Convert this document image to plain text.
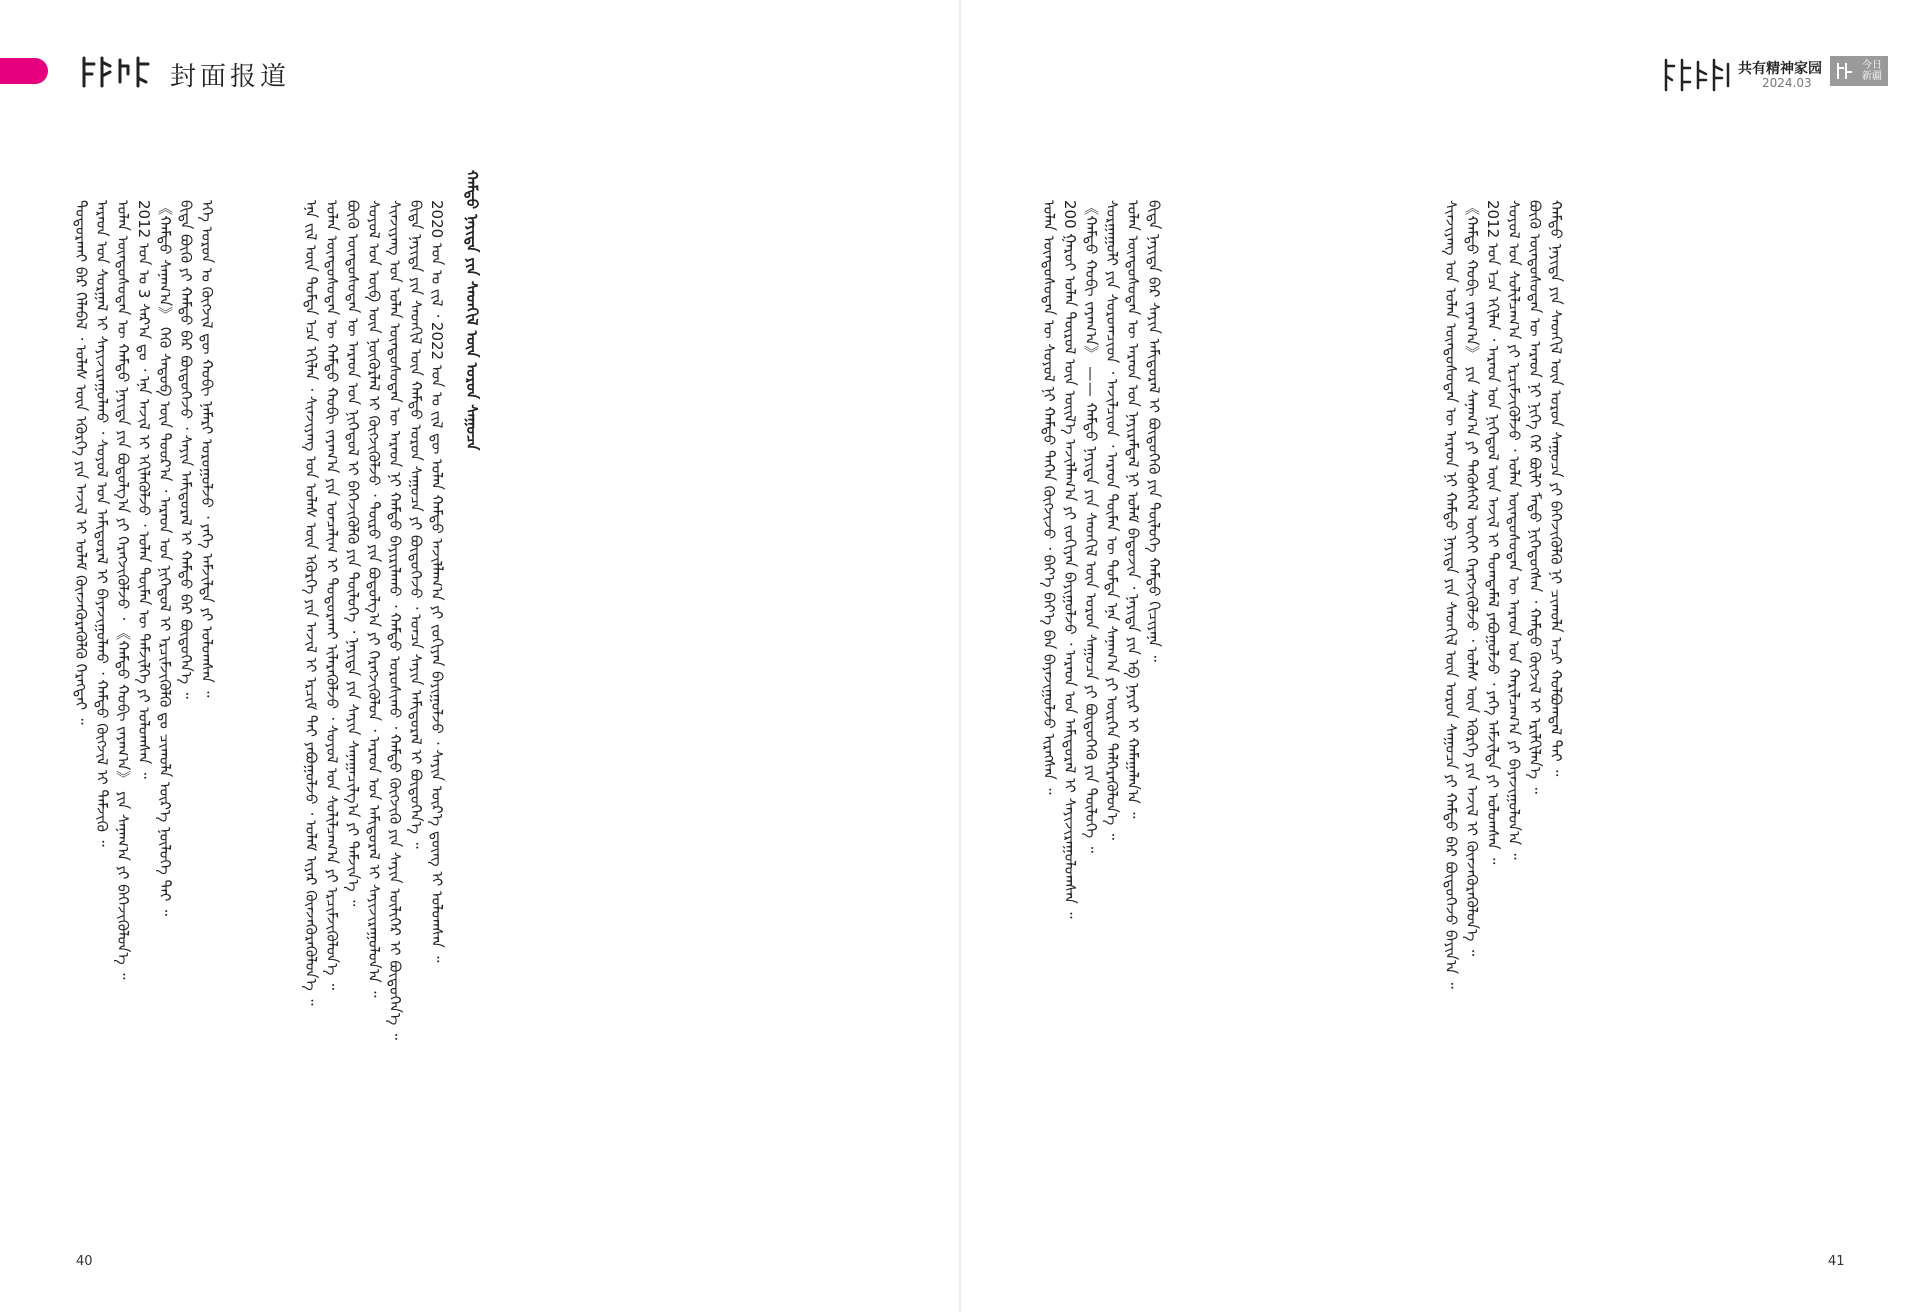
封面报道

ᠲᠣᠳᠣᠷᠬᠠᠶ ᠪᠠᠷ ᠬᠡᠯᠡᠪᠡᠯ ᠂ ᠤᠯᠠᠰ ᠦᠨ ᠡᠭᠦᠷᠭᠡ ᠶᠢᠨ ᠠᠵᠢᠯ ᠢ ᠤᠯᠠᠮ ᠭᠦᠨᠵᠡᠭᠦᠷᠡᠭᠦᠯᠬᠦ ᠬᠡᠷᠡᠭᠲᠡᠢ ᠃ ᠠᠷᠠᠳ ᠤᠨ ᠰᠤᠷᠭᠠᠯ ᠢ ᠰᠠᠶᠢᠵᠢᠷᠠᠭᠤᠯᠬᠤ ᠂ ᠰᠣᠶᠣᠯ ᠤᠨ ᠠᠮᠢᠳᠤᠷᠠᠯ ᠢ ᠪᠠᠶᠠᠵᠢᠭᠤᠯᠬᠤ ᠂ ᠬᠠᠮᠲᠤ ᠬᠥᠭᠵᠢᠯ ᠢ ᠳᠡᠮᠵᠢᠬᠦ ᠃ ᠣᠯᠠᠨ ᠦᠨᠳᠦᠰᠦᠲᠡᠨ ᠦ ᠬᠠᠮᠲᠤ ᠨᠡᠶᠢᠲᠡ ᠶᠢᠨ ᠪᠣᠳᠣᠯᠭ᠎ᠠ ᠶᠢ ᠬᠡᠷᠡᠭᠵᠢᠭᠦᠯᠵᠦ ᠂ 《ᠬᠠᠮᠲᠤ ᠬᠤᠪᠢ ᠵᠠᠶᠠᠭ᠎ᠠ》 ᠶᠢᠨ ᠰᠠᠨᠠᠭ᠎ᠠ ᠶᠢ ᠪᠡᠬᠡᠵᠢᠭᠦᠯᠦᠨ᠎ᠡ ᠃ 2012 ᠣᠨ ᠤ 3 ᠰᠠᠷ᠎ᠠ ᠳᠤ ᠂ ᠡᠨᠡ ᠠᠵᠢᠯ ᠢ ᠡᠬᠢᠯᠡᠭᠦᠯᠵᠦ ᠂ ᠣᠯᠠᠨ ᠲᠦᠮᠡᠨ ᠦ ᠳᠡᠮᠵᠢᠯᠭᠡ ᠶᠢ ᠣᠯᠤᠭᠰᠠᠨ ᠃ 《ᠬᠠᠮᠲᠤ ᠰᠠᠨᠠᠭ᠎ᠠ》 ᠭᠡᠬᠦ ᠰᠡᠳᠦᠪ ᠦᠨ ᠳᠣᠣᠷ᠎ᠠ ᠂ ᠠᠷᠠᠳ ᠤᠨ ᠨᠢᠭᠡᠳᠦᠯ ᠢ ᠡᠷᠴᠢᠮᠵᠢᠭᠦᠯᠬᠦ ᠳᠤ ᠴᠢᠬᠤᠯᠠ ᠦᠷ᠎ᠡ ᠨᠥᠯᠥᠭᠡ ᠲᠡᠢ ᠃ ᠪᠢᠳᠡ ᠪᠦᠬᠦ ᠶᠢ ᠬᠠᠮᠲᠤ ᠪᠡᠷ ᠪᠦᠲᠦᠭᠡᠵᠦ ᠂ ᠰᠠᠶᠢᠨ ᠠᠮᠢᠳᠤᠷᠠᠯ ᠢ ᠬᠠᠮᠲᠤ ᠪᠡᠷ ᠪᠦᠲᠦᠭᠡᠨ᠎ᠡ ᠃ ᠡᠬᠡ ᠣᠷᠣᠨ ᠤ ᠬᠥᠭᠵᠢᠯ ᠳᠦ ᠬᠤᠪᠢ ᠨᠡᠮᠡᠷᠢ ᠣᠷᠣᠭᠤᠯᠵᠤ ᠂ ᠶᠡᠬᠡ ᠠᠮᠵᠢᠯᠲᠠ ᠶᠢ ᠣᠯᠤᠭᠰᠠᠨ ᠃	ᠡᠨᠡ ᠵᠢᠯ ᠦᠨ ᠳᠤᠮᠳᠠ ᠡᠴᠡ ᠡᠬᠢᠯᠡᠨ ᠂ ᠰᠢᠨᠵᠢᠶᠠᠩ ᠤᠨ ᠤᠯᠠᠰ ᠦᠨ ᠡᠭᠦᠷᠭᠡ ᠶᠢᠨ ᠠᠵᠢᠯ ᠢ ᠡᠷᠴᠢᠮ ᠲᠡᠢ ᠶᠠᠪᠤᠭᠤᠯᠵᠤ ᠂ ᠤᠯᠠᠮ ᠢᠶᠠᠷ ᠭᠦᠨᠵᠡᠭᠦᠷᠡᠭᠦᠯᠦᠨ᠎ᠡ ᠃ ᠣᠯᠠᠨ ᠦᠨᠳᠦᠰᠦᠲᠡᠨ ᠦ ᠬᠠᠮᠲᠤ ᠬᠤᠪᠢ ᠵᠠᠶᠠᠭ᠎ᠠ ᠶᠢᠨ ᠣᠨᠴᠠᠯᠢᠭ ᠢ ᠲᠣᠳᠣᠷᠬᠠᠶ ᠢᠯᠡᠷᠡᠭᠦᠯᠵᠦ ᠂ ᠰᠤᠶᠤᠯ ᠤᠨ ᠰᠣᠯᠢᠯᠴᠠᠭ᠎ᠠ ᠶᠢ ᠡᠷᠴᠢᠮᠵᠢᠭᠦᠯᠦᠨ᠎ᠡ ᠃ ᠪᠦᠬᠦ ᠦᠨᠳᠦᠰᠦᠲᠡᠨ ᠦ ᠠᠷᠠᠳ ᠤᠨ ᠨᠢᠭᠡᠳᠦᠯ ᠢ ᠪᠡᠬᠡᠵᠢᠭᠦᠯᠬᠦ ᠶᠢᠨ ᠲᠥᠯᠥᠭᠡ ᠂ ᠨᠡᠶᠢᠲᠡ ᠶᠢᠨ ᠰᠠᠶᠢᠨ ᠰᠠᠨᠠᠭᠠᠴᠢᠯᠭ᠎ᠠ ᠶᠢ ᠳᠡᠮᠵᠢᠨ᠎ᠡ ᠃ ᠰᠣᠶᠣᠯ ᠤᠨ ᠥᠪ ᠦᠨ ᠨᠥᠬᠦᠷᠯᠡᠯ ᠢ ᠬᠥᠭᠵᠢᠭᠦᠯᠵᠦ ᠂ ᠲᠥᠷᠦ ᠶᠢᠨ ᠪᠣᠳᠣᠯᠭ᠎ᠠ ᠶᠢ ᠬᠡᠷᠡᠭᠵᠢᠭᠦᠯᠦᠨ ᠂ ᠠᠷᠠᠳ ᠤᠨ ᠠᠮᠢᠳᠤᠷᠠᠯ ᠢ ᠰᠠᠶᠢᠵᠢᠷᠠᠭᠤᠯᠤᠨ᠎ᠠ ᠃ ᠰᠢᠨᠵᠢᠶᠠᠩ ᠤᠨ ᠣᠯᠠᠨ ᠦᠨᠳᠦᠰᠦᠲᠡᠨ ᠦ ᠠᠷᠠᠳ ᠨᠢ ᠬᠠᠮᠲᠤ ᠪᠠᠶᠢᠷᠢᠯᠠᠬᠤ ᠂ ᠬᠠᠮᠲᠤ ᠤᠷᠤᠰᠢᠬᠤ ᠂ ᠬᠠᠮᠲᠤ ᠬᠥᠭᠵᠢᠬᠦ ᠶᠢᠨ ᠰᠠᠶᠢᠨ ᠦᠯᠢᠭᠡᠷ ᠢ ᠪᠦᠲᠦᠭᠡᠨ᠎ᠡ ᠃ ᠪᠢᠳᠡ ᠨᠡᠶᠢᠲᠡ ᠶᠢᠨ ᠰᠡᠳᠬᠢᠯ ᠦᠨ ᠬᠠᠮᠲᠤ ᠣᠷᠣᠨ ᠰᠠᠭᠤᠴᠠ ᠶᠢ ᠪᠦᠲᠦᠭᠡᠵᠦ ᠂ ᠣᠨᠴᠠ ᠰᠠᠶᠢᠨ ᠠᠮᠢᠳᠤᠷᠠᠯ ᠢ ᠪᠦᠲᠦᠭᠡᠨ᠎ᠡ ᠃ 2020 ᠣᠨ ᠤ ᠵᠢᠯ ᠂ 2022 ᠣᠨ ᠤ ᠵᠢᠯ ᠳᠦ ᠣᠯᠠᠨ ᠬᠠᠮᠲᠤ ᠠᠵᠢᠯᠯᠠᠭ᠎ᠠ ᠶᠢ ᠵᠣᠬᠢᠶᠠᠨ ᠪᠠᠶᠢᠭᠤᠯᠵᠤ ᠂ ᠰᠠᠶᠢᠨ ᠦᠷ᠎ᠡ ᠳ᠋ᠦᠩ ᠢ ᠣᠯᠤᠭᠰᠠᠨ ᠃ ᠬᠠᠮᠲᠤ ᠨᠡᠶᠢᠲᠡ ᠶᠢᠨ ᠰᠡᠳᠬᠢᠯ ᠦᠨ ᠣᠷᠣᠨ ᠰᠠᠭᠤᠴᠠ

40

ᠣᠯᠠᠨ ᠦᠨᠳᠦᠰᠦᠲᠡᠨ ᠦ ᠰᠣᠶᠣᠯ ᠨᠢ ᠬᠠᠮᠲᠤ ᠳᠡᠭᠡᠨ ᠬᠥᠭᠵᠢᠵᠦ ᠂ ᠪᠡᠶ᠎ᠡ ᠪᠡᠶ᠎ᠡ ᠪᠡᠨ ᠪᠠᠶᠠᠵᠢᠭᠤᠯᠵᠤ ᠢᠷᠡᠭᠰᠡᠨ ᠃ 200 ᠭᠠᠷᠤᠢ ᠣᠯᠠᠨ ᠲᠥᠷᠦᠯ ᠦᠨ ᠦᠢᠯ᠎ᠡ ᠠᠵᠢᠯᠯᠠᠭ᠎ᠠ ᠶᠢ ᠵᠣᠬᠢᠶᠠᠨ ᠪᠠᠶᠢᠭᠤᠯᠵᠤ ᠂ ᠠᠷᠠᠳ ᠤᠨ ᠠᠮᠢᠳᠤᠷᠠᠯ ᠢ ᠰᠠᠶᠢᠵᠢᠷᠠᠭᠤᠯᠤᠭᠰᠠᠨ ᠃ 《ᠬᠠᠮᠲᠤ ᠬᠤᠪᠢ ᠵᠠᠶᠠᠭ᠎ᠠ》 —— ᠬᠠᠮᠲᠤ ᠨᠡᠶᠢᠲᠡ ᠶᠢᠨ ᠰᠡᠳᠬᠢᠯ ᠦᠨ ᠣᠷᠣᠨ ᠰᠠᠭᠤᠴᠠ ᠶᠢ ᠪᠦᠲᠦᠭᠡᠬᠦ ᠶᠢᠨ ᠲᠥᠯᠥᠭᠡ ᠃ ᠰᠤᠷᠭᠠᠭᠤᠯᠢ ᠶᠢᠨ ᠰᠤᠷᠤᠭᠴᠢᠳ ᠂ ᠠᠵᠢᠯᠴᠢᠳ ᠂ ᠠᠷᠠᠳ ᠲᠦᠮᠡᠨ ᠦ ᠳᠤᠮᠳᠠ ᠡᠨᠡ ᠰᠠᠨᠠᠭ᠎ᠠ ᠶᠢ ᠥᠷᠭᠡᠨ ᠳᠡᠯᠭᠡᠷᠡᠭᠦᠯᠦᠨ᠎ᠡ ᠃ ᠣᠯᠠᠨ ᠦᠨᠳᠦᠰᠦᠲᠡᠨ ᠦ ᠠᠷᠠᠳ ᠤᠨ ᠨᠠᠶᠢᠷᠠᠮᠳᠠᠯ ᠨᠢ ᠣᠯᠠᠮ ᠪᠠᠲᠤᠵᠢᠨ ᠂ ᠨᠡᠶᠢᠲᠡ ᠶᠢᠨ ᠡᠪ ᠨᠠᠶᠢᠷ ᠢ ᠬᠠᠮᠠᠭᠠᠯᠠᠨ᠎ᠠ ᠃ ᠪᠢᠳᠡ ᠨᠡᠶᠢᠲᠡ ᠪᠡᠷ ᠰᠠᠶᠢᠨ ᠠᠮᠢᠳᠤᠷᠠᠯ ᠢ ᠪᠦᠲᠦᠭᠡᠬᠦ ᠶᠢᠨ ᠲᠥᠯᠥᠭᠡ ᠬᠠᠮᠲᠤ ᠬᠢᠴᠢᠶᠡᠨᠡ ᠃	ᠰᠢᠨᠵᠢᠶᠠᠩ ᠤᠨ ᠣᠯᠠᠨ ᠦᠨᠳᠦᠰᠦᠲᠡᠨ ᠦ ᠠᠷᠠᠳ ᠨᠢ ᠬᠠᠮᠲᠤ ᠨᠡᠶᠢᠲᠡ ᠶᠢᠨ ᠰᠡᠳᠬᠢᠯ ᠦᠨ ᠣᠷᠣᠨ ᠰᠠᠭᠤᠴᠠ ᠶᠢ ᠬᠠᠮᠲᠤ ᠪᠡᠷ ᠪᠦᠲᠦᠭᠡᠵᠦ ᠪᠠᠶᠢᠨ᠎ᠠ ᠃ 《ᠬᠠᠮᠲᠤ ᠬᠤᠪᠢ ᠵᠠᠶᠠᠭ᠎ᠠ》 ᠶᠢᠨ ᠰᠠᠨᠠᠭ᠎ᠠ ᠶᠢ ᠲᠡᠭᠦᠰᠬᠡᠯ ᠦᠭᠡᠢ ᠬᠡᠷᠡᠭᠵᠢᠭᠦᠯᠵᠦ ᠂ ᠤᠯᠠᠰ ᠦᠨ ᠡᠭᠦᠷᠭᠡ ᠶᠢᠨ ᠠᠵᠢᠯ ᠢ ᠭᠦᠨᠵᠡᠭᠦᠷᠡᠭᠦᠯᠦᠨ᠎ᠡ ᠃ 2012 ᠣᠨ ᠡᠴᠡ ᠡᠬᠢᠯᠡᠨ ᠂ ᠠᠷᠠᠳ ᠤᠨ ᠨᠢᠭᠡᠳᠦᠯ ᠦᠨ ᠠᠵᠢᠯ ᠢ ᠲᠣᠭᠲᠠᠮᠠᠯ ᠶᠠᠪᠤᠭᠤᠯᠵᠤ ᠂ ᠶᠡᠬᠡ ᠠᠮᠵᠢᠯᠲᠠ ᠶᠢ ᠣᠯᠤᠭᠰᠠᠨ ᠃ ᠰᠣᠶᠣᠯ ᠤᠨ ᠰᠣᠯᠢᠯᠴᠠᠭ᠎ᠠ ᠶᠢ ᠡᠷᠴᠢᠮᠵᠢᠭᠦᠯᠵᠦ ᠂ ᠣᠯᠠᠨ ᠦᠨᠳᠦᠰᠦᠲᠡᠨ ᠦ ᠠᠷᠠᠳ ᠤᠨ ᠬᠠᠷᠢᠯᠴᠠᠭ᠎ᠠ ᠶᠢ ᠪᠠᠶᠠᠵᠢᠭᠤᠯᠤᠨ᠎ᠠ ᠃ ᠪᠦᠬᠦ ᠦᠨᠳᠦᠰᠦᠲᠡᠨ ᠦ ᠠᠷᠠᠳ ᠨᠢ ᠨᠢᠭᠡ ᠭᠡᠷ ᠪᠦᠯᠢ ᠮᠡᠲᠦ ᠨᠢᠭᠡᠳᠦᠭᠰᠡᠨ ᠂ ᠬᠠᠮᠲᠤ ᠬᠥᠭᠵᠢᠯ ᠢ ᠡᠷᠢᠯᠬᠢᠯᠡᠨ᠎ᠡ ᠃ ᠬᠠᠮᠲᠤ ᠨᠡᠶᠢᠲᠡ ᠶᠢᠨ ᠰᠡᠳᠬᠢᠯ ᠦᠨ ᠣᠷᠣᠨ ᠰᠠᠭᠤᠴᠠ ᠶᠢ ᠪᠡᠬᠡᠵᠢᠭᠦᠯᠬᠦ ᠨᠢ ᠴᠢᠬᠤᠯᠠ ᠠᠴᠢ ᠬᠣᠯᠪᠣᠭᠳᠠᠯ ᠲᠠᠢ ᠃

41
共有精神家园
2024.03
今日
新疆
